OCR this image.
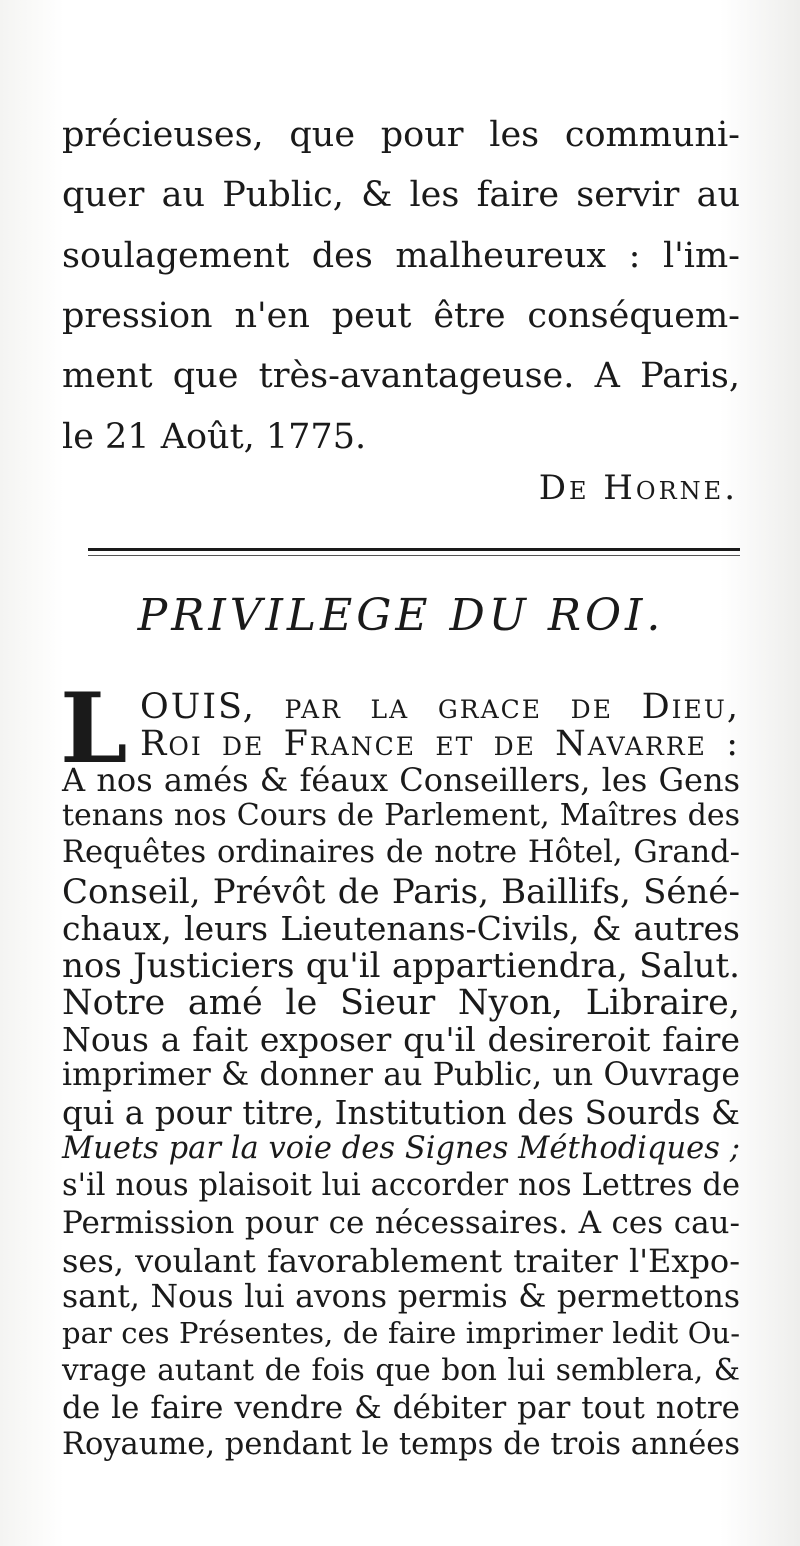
précieuses, que pour les communi-
quer au Public, & les faire servir au
soulagement des malheureux : l'im-
pression n'en peut être conséquem-
ment que très-avantageuse. A Paris,
le 21 Août, 1775.
De Horne.
PRIVILEGE DU ROI.
L OUIS, par la grace de Dieu,
Roi de France et de Navarre :
A nos amés & féaux Conseillers, les Gens
tenans nos Cours de Parlement, Maîtres des
Requêtes ordinaires de notre Hôtel, Grand-
Conseil, Prévôt de Paris, Baillifs, Séné-
chaux, leurs Lieutenans-Civils, & autres
nos Justiciers qu'il appartiendra, Salut.
Notre amé le Sieur Nyon, Libraire,
Nous a fait exposer qu'il desireroit faire
imprimer & donner au Public, un Ouvrage
qui a pour titre, Institution des Sourds &
Muets par la voie des Signes Méthodiques ;
s'il nous plaisoit lui accorder nos Lettres de
Permission pour ce nécessaires. A ces cau-
ses, voulant favorablement traiter l'Expo-
sant, Nous lui avons permis & permettons
par ces Présentes, de faire imprimer ledit Ou-
vrage autant de fois que bon lui semblera, &
de le faire vendre & débiter par tout notre
Royaume, pendant le temps de trois années
